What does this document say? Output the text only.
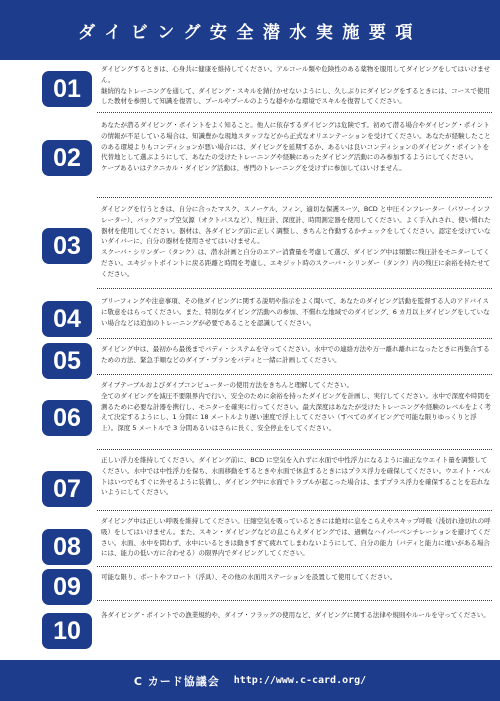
ダイビング安全潜水実施要項
01

ダイビングするときは、心身共に健康を維持してください。アルコール類や危険性のある薬物を服用してダイビングをしてはいけません。

継続的なトレーニングを通して、ダイビング・スキルを錆付かせないようにし、久しぶりにダイビングをするときには、コースで使用した教材を参照して知識を復習し、プールやプールのような穏やかな環境でスキルを復習してください。

02

あなたが潜るダイビング・ポイントをよく知ること。他人に依存するダイビングは危険です。初めて潜る場合やダイビング・ポイントの情報が不足している場合は、知識豊かな現地スタッフなどから正式なオリエンテーションを受けてください。あなたが経験したことのある環境よりもコンディションが悪い場合には、ダイビングを延期するか、あるいは良いコンディションのダイビング・ポイントを代替地として選ぶようにして、あなたの受けたトレーニングや経験にあったダイビング活動にのみ参加するようにしてください。

ケーブあるいはテクニカル・ダイビング活動は、専門のトレーニングを受けずに参加してはいけません。

03

ダイビングを行うときは、自分に合ったマスク、スノーケル、フィン、適切な保護スーツ、BCD と中圧インフレーター（パワーインフレーター）、バックアップ空気源（オクトパスなど）、残圧計、深度計、時間測定器を使用してください。よく手入れされ、使い慣れた器材を使用してください。器材は、各ダイビング前に正しく調整し、きちんと作動するかチェックをしてください。認定を受けていないダイバーに、自分の器材を使用させてはいけません。

スクーバ・シリンダー（タンク）は、潜水計画と自分のエアー消費量を考慮して選び、ダイビング中は頻繁に残圧計をモニターしてください。エキジットポイントに戻る距離と時間を考慮し、エキジット時のスクーバ・シリンダー（タンク）内の残圧に余裕を持たせてください。

04

ブリーフィングや注意事項、その他ダイビングに関する説明や指示をよく聞いて、あなたのダイビング活動を監督する人のアドバイスに敬意をはらってください。また、特別なダイビング活動への参加、不慣れな地域でのダイビング、6 カ月以上ダイビングをしていない場合などは追加のトレーニングが必要であることを認識してください。

05	ダイビング中は、最初から最後までバディ・システムを守ってください。水中での連絡方法や万一離れ離れになったときに再集合するための方法、緊急手順などのダイブ・プランをバディと一緒に計画してください。

06

ダイブテーブルおよびダイブコンピューターの使用方法をきちんと理解してください。

全てのダイビングを減圧不要限界内で行い、安全のために余裕を持ったダイビングを計画し、実行してください。水中で深度や時間を测るために必要な計器を携行し、モニターを確実に行ってください。最大深度はあなたが受けたトレーニングや経験のレベルをよく考えて決定するようにし、1 分間に 18 メートルより遅い速度で浮上してください（すべてのダイビングで可能な限りゆっくりと浮上）。深度 5 メートルで 3 分間あるいはさらに長く、安全停止をしてください。

07

正しい浮力を維持してください。ダイビング前に、BCD に空気を入れずに水面で中性浮力になるように適正なウエイト量を調整してください。水中では中性浮力を保ち、水面移動をするときや水面で休息するときにはプラス浮力を確保してください。ウエイト・ベルトはいつでもすぐに外せるように装備し、ダイビング中に水面でトラブルが起こった場合は、まずプラス浮力を確保することを忘れないようにしてください。

08

ダイビング中は正しい呼吸を維持してください。圧縮空気を吸っているときには絶対に息をこらえやスキップ呼吸（浅切れ途切れの呼吸）をしてはいけません。また、スキン・ダイビングなどの息こらえダイビングでは、過剰なハイパーベンチレーションを避けてください。水面、水中を問わず、水中にいるときは動きすぎて疲れてしまわないようにして、自分の能力（バディと能力に違いがある場合には、能力の低い方に合わせる）の限界内でダイビングしてください。

09	可能な限り、ボートやフロート（浮具）、その他の水面用ステーションを設置して使用してください。

10

各ダイビング・ポイントでの漁業規約や、ダイブ・フラッグの使用など、ダイビングに関する法律や規則やルールを守ってください。

C カード協議会 http://www.c-card.org/
